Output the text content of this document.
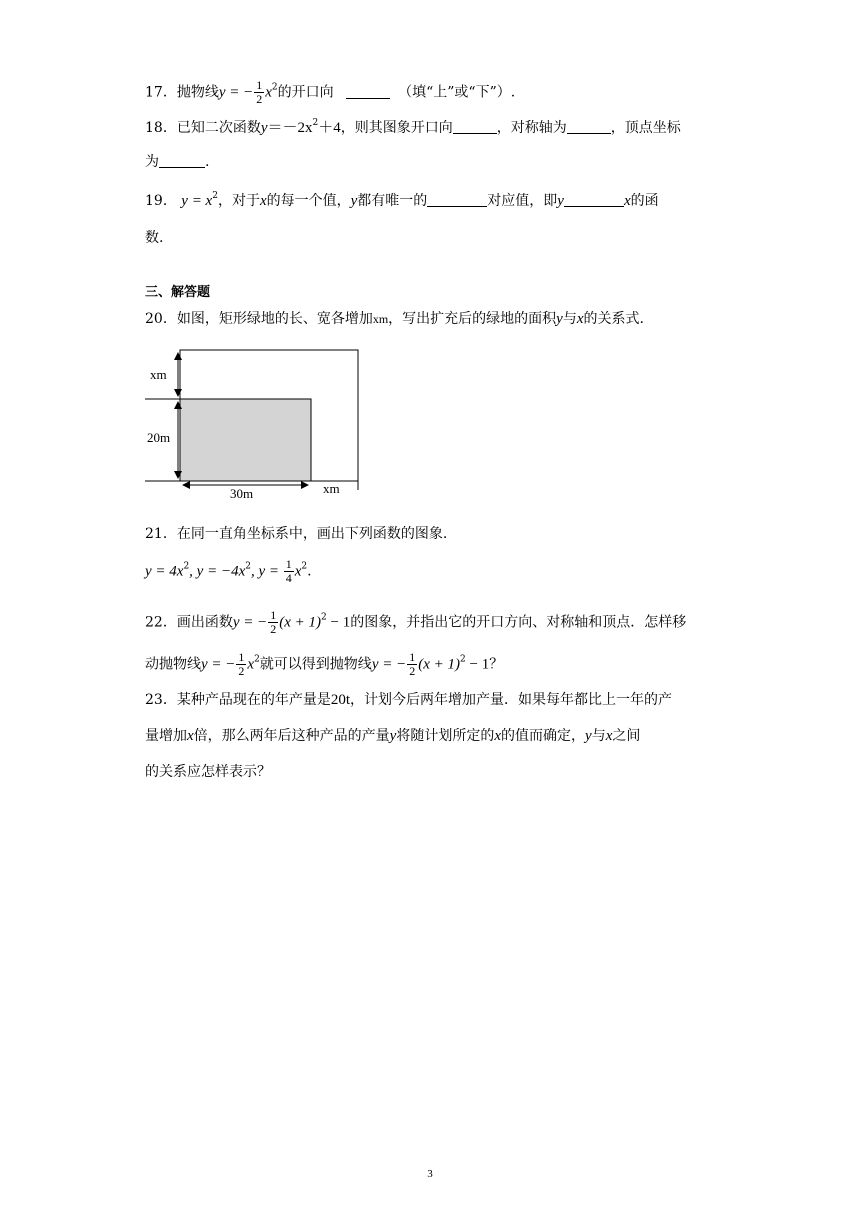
17．抛物线y = − $\frac{1}{2} x^2$的开口向	（填“上”或“下”）.
18．已知二次函数$y=-2x^2+4$，则其图象开口向	，对称轴为	，顶点坐标
为	.
19． $y = x^2$，对于x的每一个值，y都有唯一的	对应值，即y	x的函
数.
三、解答题
20．如图，矩形绿地的长、宽各增加xm，写出扩充后的绿地的面积y与x的关系式.
xm
20m
30m	xm
21．在同一直角坐标系中，画出下列函数的图象.
$y = 4x^2$, $y = -4x^2$, $y = \frac{1}{4} x^2$.
22．画出函数y = − $\frac{1}{2} (x + 1)^2 - 1$的图象，并指出它的开口方向、对称轴和顶点．怎样移
动抛物线y = − $\frac{1}{2} x^2$就可以得到抛物线y = − $\frac{1}{2} (x + 1)^2 - 1$？
23．某种产品现在的年产量是20t，计划今后两年增加产量．如果每年都比上一年的产
量增加x倍，那么两年后这种产品的产量y将随计划所定的x的值而确定，y与x之间
的关系应怎样表示？
3
